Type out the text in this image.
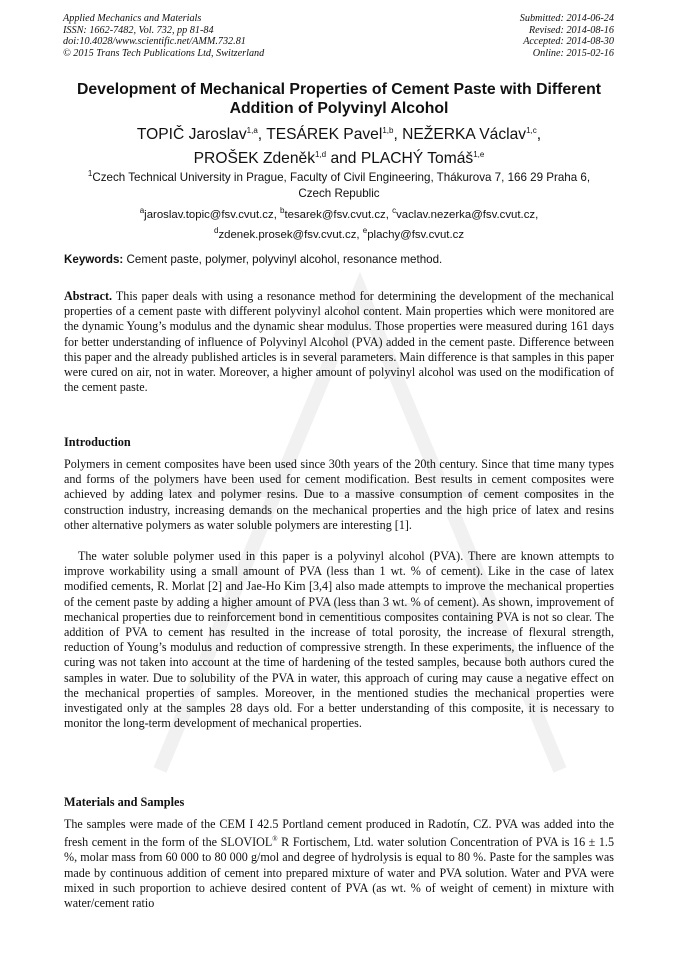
Applied Mechanics and Materials
ISSN: 1662-7482, Vol. 732, pp 81-84
doi:10.4028/www.scientific.net/AMM.732.81
© 2015 Trans Tech Publications Ltd, Switzerland
Submitted: 2014-06-24
Revised: 2014-08-16
Accepted: 2014-08-30
Online: 2015-02-16
Development of Mechanical Properties of Cement Paste with Different
Addition of Polyvinyl Alcohol
TOPIČ Jaroslav$^{1,a}$, TESÁREK Pavel$^{1,b}$, NEŽERKA Václav$^{1,c}$,
PROŠEK Zdeněk$^{1,d}$ and PLACHÝ Tomáš$^{1,e}$
$^1$Czech Technical University in Prague, Faculty of Civil Engineering, Thákurova 7, 166 29 Praha 6,
Czech Republic
$^a$jaroslav.topic@fsv.cvut.cz, $^b$tesarek@fsv.cvut.cz, $^c$vaclav.nezerka@fsv.cvut.cz,
$^d$zdenek.prosek@fsv.cvut.cz, $^e$plachy@fsv.cvut.cz
Keywords: Cement paste, polymer, polyvinyl alcohol, resonance method.

Abstract. This paper deals with using a resonance method for determining the development of the mechanical properties of a cement paste with different polyvinyl alcohol content. Main properties which were monitored are the dynamic Young’s modulus and the dynamic shear modulus. Those properties were measured during 161 days for better understanding of influence of Polyvinyl Alcohol (PVA) added in the cement paste. Difference between this paper and the already published articles is in several parameters. Main difference is that samples in this paper were cured on air, not in water. Moreover, a higher amount of polyvinyl alcohol was used on the modification of the cement paste.

Introduction

Polymers in cement composites have been used since 30th years of the 20th century. Since that time many types and forms of the polymers have been used for cement modification. Best results in cement composites were achieved by adding latex and polymer resins. Due to a massive consumption of cement composites in the construction industry, increasing demands on the mechanical properties and the high price of latex and resins other alternative polymers as water soluble polymers are interesting [1].

The water soluble polymer used in this paper is a polyvinyl alcohol (PVA). There are known attempts to improve workability using a small amount of PVA (less than 1 wt. % of cement). Like in the case of latex modified cements, R. Morlat [2] and Jae-Ho Kim [3,4] also made attempts to improve the mechanical properties of the cement paste by adding a higher amount of PVA (less than 3 wt. % of cement). As shown, improvement of mechanical properties due to reinforcement bond in cementitious composites containing PVA is not so clear. The addition of PVA to cement has resulted in the increase of total porosity, the increase of flexural strength, reduction of Young’s modulus and reduction of compressive strength. In these experiments, the influence of the curing was not taken into account at the time of hardening of the tested samples, because both authors cured the samples in water. Due to solubility of the PVA in water, this approach of curing may cause a negative effect on the mechanical properties of samples. Moreover, in the mentioned studies the mechanical properties were investigated only at the samples 28 days old. For a better understanding of this composite, it is necessary to monitor the long-term development of mechanical properties.

Materials and Samples

The samples were made of the CEM I 42.5 Portland cement produced in Radotín, CZ. PVA was added into the fresh cement in the form of the SLOVIOL® R Fortischem, Ltd. water solution Concentration of PVA is 16 ± 1.5 %, molar mass from 60 000 to 80 000 g/mol and degree of hydrolysis is equal to 80 %. Paste for the samples was made by continuous addition of cement into prepared mixture of water and PVA solution. Water and PVA were mixed in such proportion to achieve desired content of PVA (as wt. % of weight of cement) in mixture with water/cement ratio
